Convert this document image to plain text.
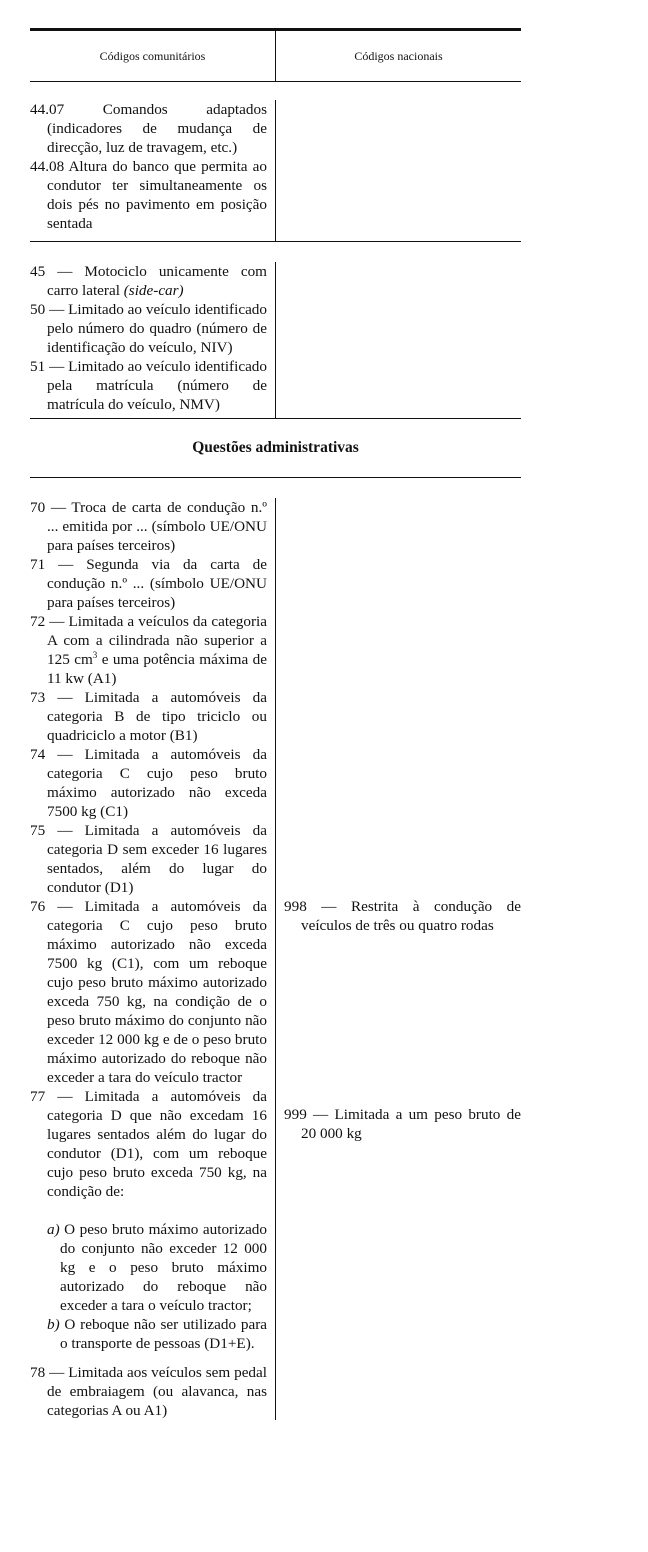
Códigos comunitários	Códigos nacionais
44.07 Comandos adaptados (indicadores de mudança de direcção, luz de travagem, etc.)
44.08 Altura do banco que permita ao condutor ter simultaneamente os dois pés no pavimento em posição sentada
45 — Motociclo unicamente com carro lateral (side-car)
50 — Limitado ao veículo identificado pelo número do quadro (número de identificação do veículo, NIV)
51 — Limitado ao veículo identificado pela matrícula (número de matrícula do veículo, NMV)
Questões administrativas
70 — Troca de carta de condução n.º ... emitida por ... (símbolo UE/ONU para países terceiros)
71 — Segunda via da carta de condução n.º ... (símbolo UE/ONU para países terceiros)
72 — Limitada a veículos da categoria A com a cilindrada não superior a 125 $cm^3$ e uma potência máxima de 11 kw (A1)
73 — Limitada a automóveis da categoria B de tipo triciclo ou quadriciclo a motor (B1)
74 — Limitada a automóveis da categoria C cujo peso bruto máximo autorizado não exceda 7500 kg (C1)
75 — Limitada a automóveis da categoria D sem exceder 16 lugares sentados, além do lugar do condutor (D1)
76 — Limitada a automóveis da categoria C cujo peso bruto máximo autorizado não exceda 7500 kg (C1), com um reboque cujo peso bruto máximo autorizado exceda 750 kg, na condição de o peso bruto máximo do conjunto não exceder 12 000 kg e de o peso bruto máximo autorizado do reboque não exceder a tara do veículo tractor
77 — Limitada a automóveis da categoria D que não excedam 16 lugares sentados além do lugar do condutor (D1), com um reboque cujo peso bruto exceda 750 kg, na condição de:
a) O peso bruto máximo autorizado do conjunto não exceder 12 000 kg e o peso bruto máximo autorizado do reboque não exceder a tara o veículo tractor;
b) O reboque não ser utilizado para o transporte de pessoas (D1+E).
78 — Limitada aos veículos sem pedal de embraiagem (ou alavanca, nas categorias A ou A1)
998 — Restrita à condução de veículos de três ou quatro rodas
999 — Limitada a um peso bruto de 20 000 kg
